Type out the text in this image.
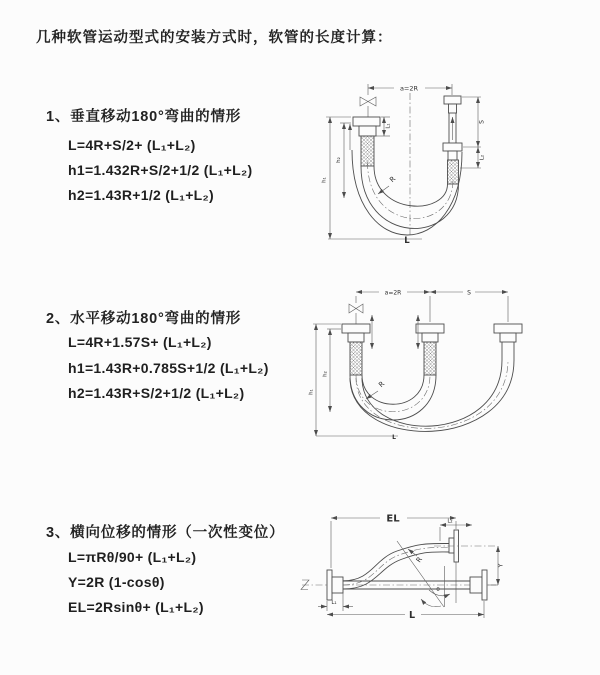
几种软管运动型式的安装方式时，软管的长度计算：
1、垂直移动180°弯曲的情形
L=4R+S/2+ (L₁+L₂)
h1=1.432R+S/2+1/2 (L₁+L₂)
h2=1.43R+1/2 (L₁+L₂)
2、水平移动180°弯曲的情形
L=4R+1.57S+ (L₁+L₂)
h1=1.43R+0.785S+1/2 (L₁+L₂)
h2=1.43R+S/2+1/2 (L₁+L₂)
3、横向位移的情形（一次性变位）
L=πRθ/90+ (L₁+L₂)
Y=2R (1-cosθ)
EL=2Rsinθ+ (L₁+L₂)
a=2R
L₁
S
L₂
h₁
h₂
R
L
a=2R	S
h₁
h₂
R
L
EL	L₂
Y
R
θ
L₁
L
